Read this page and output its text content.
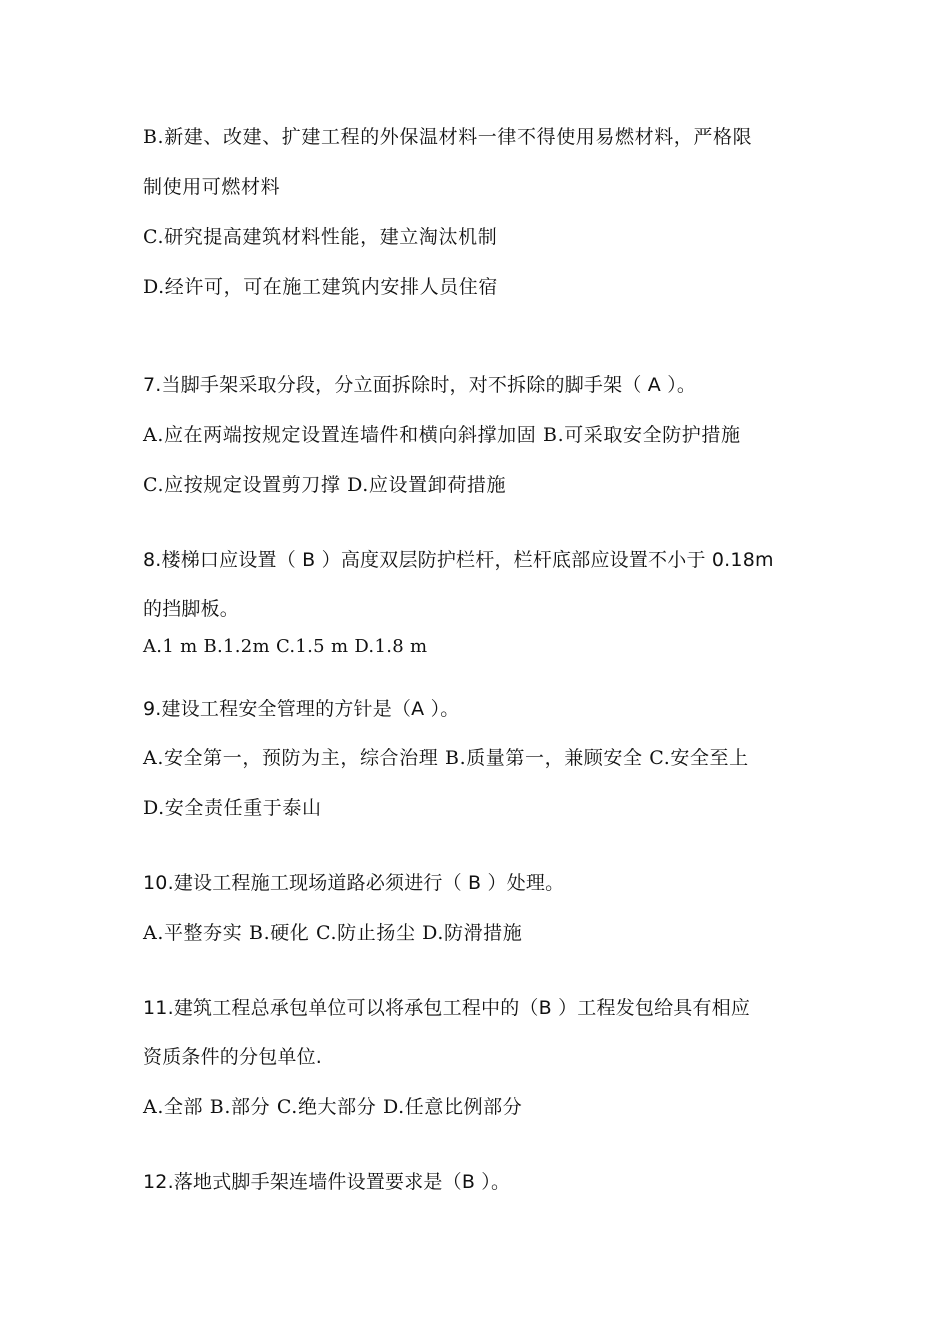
B.新建、改建、扩建工程的外保温材料一律不得使用易燃材料，严格限
制使用可燃材料
C.研究提高建筑材料性能，建立淘汰机制
D.经许可，可在施工建筑内安排人员住宿
7.当脚手架采取分段，分立面拆除时，对不拆除的脚手架（ A ）。
A.应在两端按规定设置连墙件和横向斜撑加固 B.可采取安全防护措施
C.应按规定设置剪刀撑 D.应设置卸荷措施
8.楼梯口应设置（ B ）高度双层防护栏杆，栏杆底部应设置不小于 0.18m
的挡脚板。
A.1 m B.1.2m C.1.5 m D.1.8 m
9.建设工程安全管理的方针是（A ）。
A.安全第一，预防为主，综合治理 B.质量第一，兼顾安全 C.安全至上
D.安全责任重于泰山
10.建设工程施工现场道路必须进行（ B ）处理。
A.平整夯实 B.硬化 C.防止扬尘 D.防滑措施
11.建筑工程总承包单位可以将承包工程中的（B ）工程发包给具有相应
资质条件的分包单位.
A.全部 B.部分 C.绝大部分 D.任意比例部分
12.落地式脚手架连墙件设置要求是（B ）。
